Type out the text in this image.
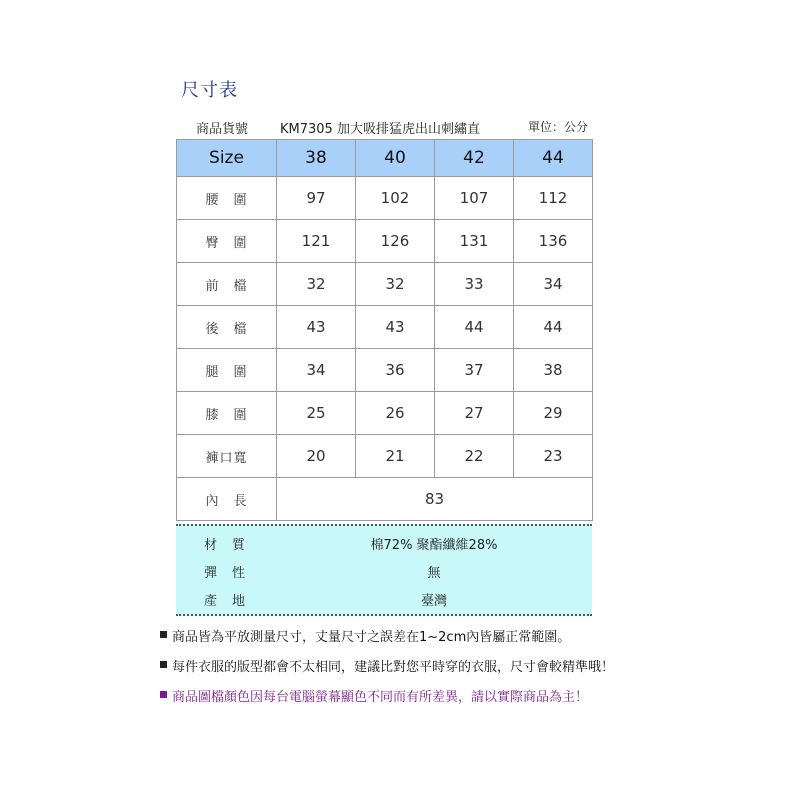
尺寸表
商品貨號 KM7305 加大吸排猛虎出山刺繡直	單位：公分
Size	38	40	42	44
腰 圍	97	102	107	112
臀 圍	121	126	131	136
前 檔	32	32	33	34
後 檔	43	43	44	44
腿 圍	34	36	37	38
膝 圍	25	26	27	29
褲口寬	20	21	22	23
內 長	83			
材 質	棉72% 聚酯纖維28%
彈 性	無
產 地	臺灣
商品皆為平放測量尺寸，丈量尺寸之誤差在1~2cm內皆屬正常範圍。
每件衣服的版型都會不太相同，建議比對您平時穿的衣服，尺寸會較精準哦！
商品圖檔顏色因每台電腦螢幕顯色不同而有所差異，請以實際商品為主！
